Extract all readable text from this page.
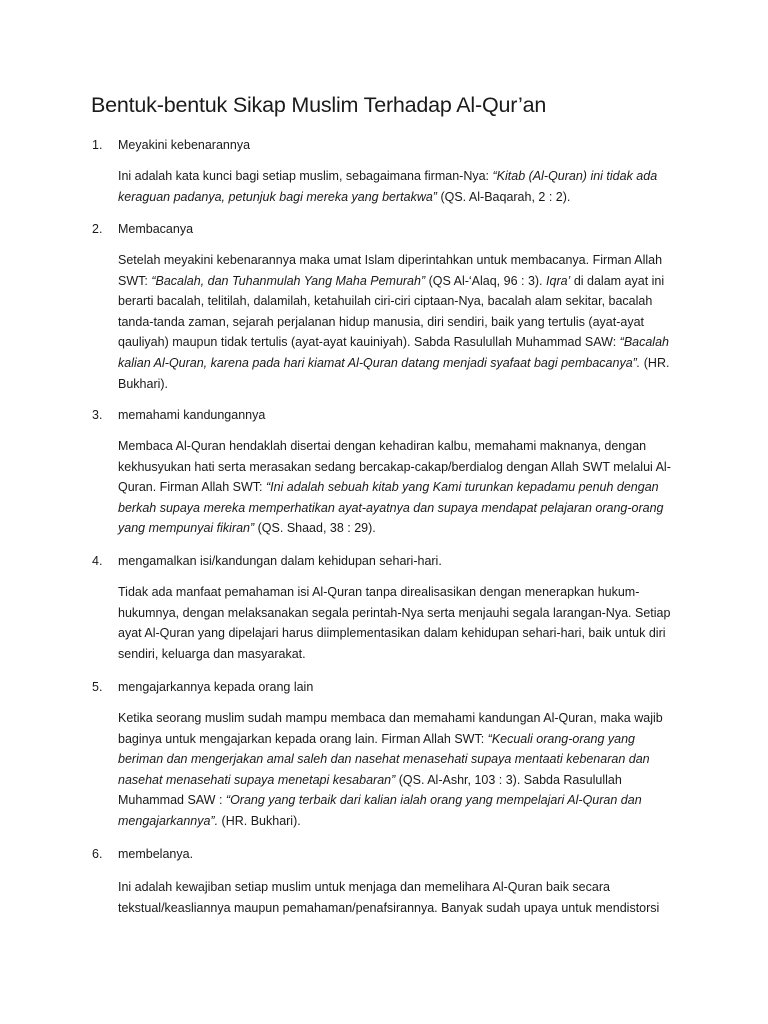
Bentuk-bentuk Sikap Muslim Terhadap Al-Qur’an
1. Meyakini kebenarannya
Ini adalah kata kunci bagi setiap muslim, sebagaimana firman-Nya: “Kitab (Al-Quran) ini tidak ada keraguan padanya, petunjuk bagi mereka yang bertakwa” (QS. Al-Baqarah, 2 : 2).
2. Membacanya
Setelah meyakini kebenarannya maka umat Islam diperintahkan untuk membacanya. Firman Allah SWT: “Bacalah, dan Tuhanmulah Yang Maha Pemurah” (QS Al-‘Alaq, 96 : 3). Iqra’ di dalam ayat ini berarti bacalah, telitilah, dalamilah, ketahuilah ciri-ciri ciptaan-Nya, bacalah alam sekitar, bacalah tanda-tanda zaman, sejarah perjalanan hidup manusia, diri sendiri, baik yang tertulis (ayat-ayat qauliyah) maupun tidak tertulis (ayat-ayat kauiniyah). Sabda Rasulullah Muhammad SAW: “Bacalah kalian Al-Quran, karena pada hari kiamat Al-Quran datang menjadi syafaat bagi pembacanya”. (HR. Bukhari).
3. memahami kandungannya
Membaca Al-Quran hendaklah disertai dengan kehadiran kalbu, memahami maknanya, dengan kekhusyukan hati serta merasakan sedang bercakap-cakap/berdialog dengan Allah SWT melalui Al-Quran. Firman Allah SWT: “Ini adalah sebuah kitab yang Kami turunkan kepadamu penuh dengan berkah supaya mereka memperhatikan ayat-ayatnya dan supaya mendapat pelajaran orang-orang yang mempunyai fikiran” (QS. Shaad, 38 : 29).
4. mengamalkan isi/kandungan dalam kehidupan sehari-hari.
Tidak ada manfaat pemahaman isi Al-Quran tanpa direalisasikan dengan menerapkan hukum-hukumnya, dengan melaksanakan segala perintah-Nya serta menjauhi segala larangan-Nya. Setiap ayat Al-Quran yang dipelajari harus diimplementasikan dalam kehidupan sehari-hari, baik untuk diri sendiri, keluarga dan masyarakat.
5. mengajarkannya kepada orang lain
Ketika seorang muslim sudah mampu membaca dan memahami kandungan Al-Quran, maka wajib baginya untuk mengajarkan kepada orang lain. Firman Allah SWT: “Kecuali orang-orang yang beriman dan mengerjakan amal saleh dan nasehat menasehati supaya mentaati kebenaran dan nasehat menasehati supaya menetapi kesabaran” (QS. Al-Ashr, 103 : 3). Sabda Rasulullah Muhammad SAW : “Orang yang terbaik dari kalian ialah orang yang mempelajari Al-Quran dan mengajarkannya”. (HR. Bukhari).
6. membelanya.
Ini adalah kewajiban setiap muslim untuk menjaga dan memelihara Al-Quran baik secara tekstual/keasliannya maupun pemahaman/penafsirannya. Banyak sudah upaya untuk mendistorsi
